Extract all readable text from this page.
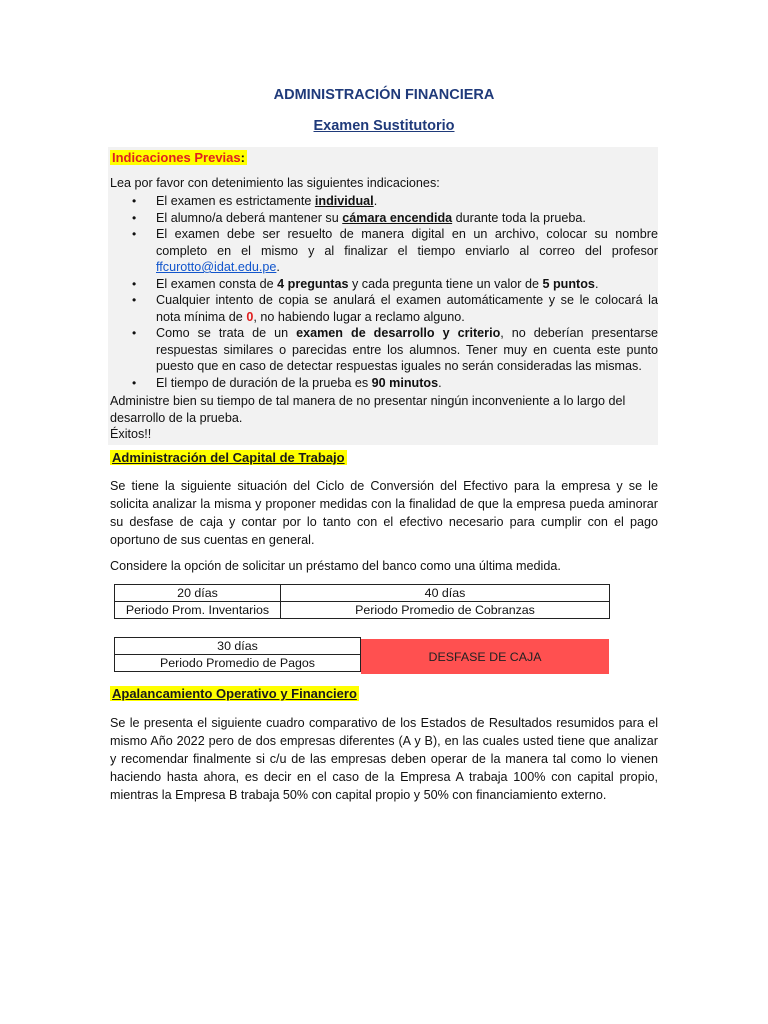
ADMINISTRACIÓN FINANCIERA
Examen Sustitutorio
Indicaciones Previas:
Lea por favor con detenimiento las siguientes indicaciones:
• El examen es estrictamente individual.
• El alumno/a deberá mantener su cámara encendida durante toda la prueba.
• El examen debe ser resuelto de manera digital en un archivo, colocar su nombre completo en el mismo y al finalizar el tiempo enviarlo al correo del profesor ffcurotto@idat.edu.pe.
• El examen consta de 4 preguntas y cada pregunta tiene un valor de 5 puntos.
• Cualquier intento de copia se anulará el examen automáticamente y se le colocará la nota mínima de 0, no habiendo lugar a reclamo alguno.
• Como se trata de un examen de desarrollo y criterio, no deberían presentarse respuestas similares o parecidas entre los alumnos. Tener muy en cuenta este punto puesto que en caso de detectar respuestas iguales no serán consideradas las mismas.
• El tiempo de duración de la prueba es 90 minutos.
Administre bien su tiempo de tal manera de no presentar ningún inconveniente a lo largo del desarrollo de la prueba.
Éxitos!!
Administración del Capital de Trabajo
Se tiene la siguiente situación del Ciclo de Conversión del Efectivo para la empresa y se le solicita analizar la misma y proponer medidas con la finalidad de que la empresa pueda aminorar su desfase de caja y contar por lo tanto con el efectivo necesario para cumplir con el pago oportuno de sus cuentas en general.
Considere la opción de solicitar un préstamo del banco como una última medida.
20 días	40 días
Periodo Prom. Inventarios	Periodo Promedio de Cobranzas
30 días
Periodo Promedio de Pagos	DESFASE DE CAJA
Apalancamiento Operativo y Financiero
Se le presenta el siguiente cuadro comparativo de los Estados de Resultados resumidos para el mismo Año 2022 pero de dos empresas diferentes (A y B), en las cuales usted tiene que analizar y recomendar finalmente si c/u de las empresas deben operar de la manera tal como lo vienen haciendo hasta ahora, es decir en el caso de la Empresa A trabaja 100% con capital propio, mientras la Empresa B trabaja 50% con capital propio y 50% con financiamiento externo.
